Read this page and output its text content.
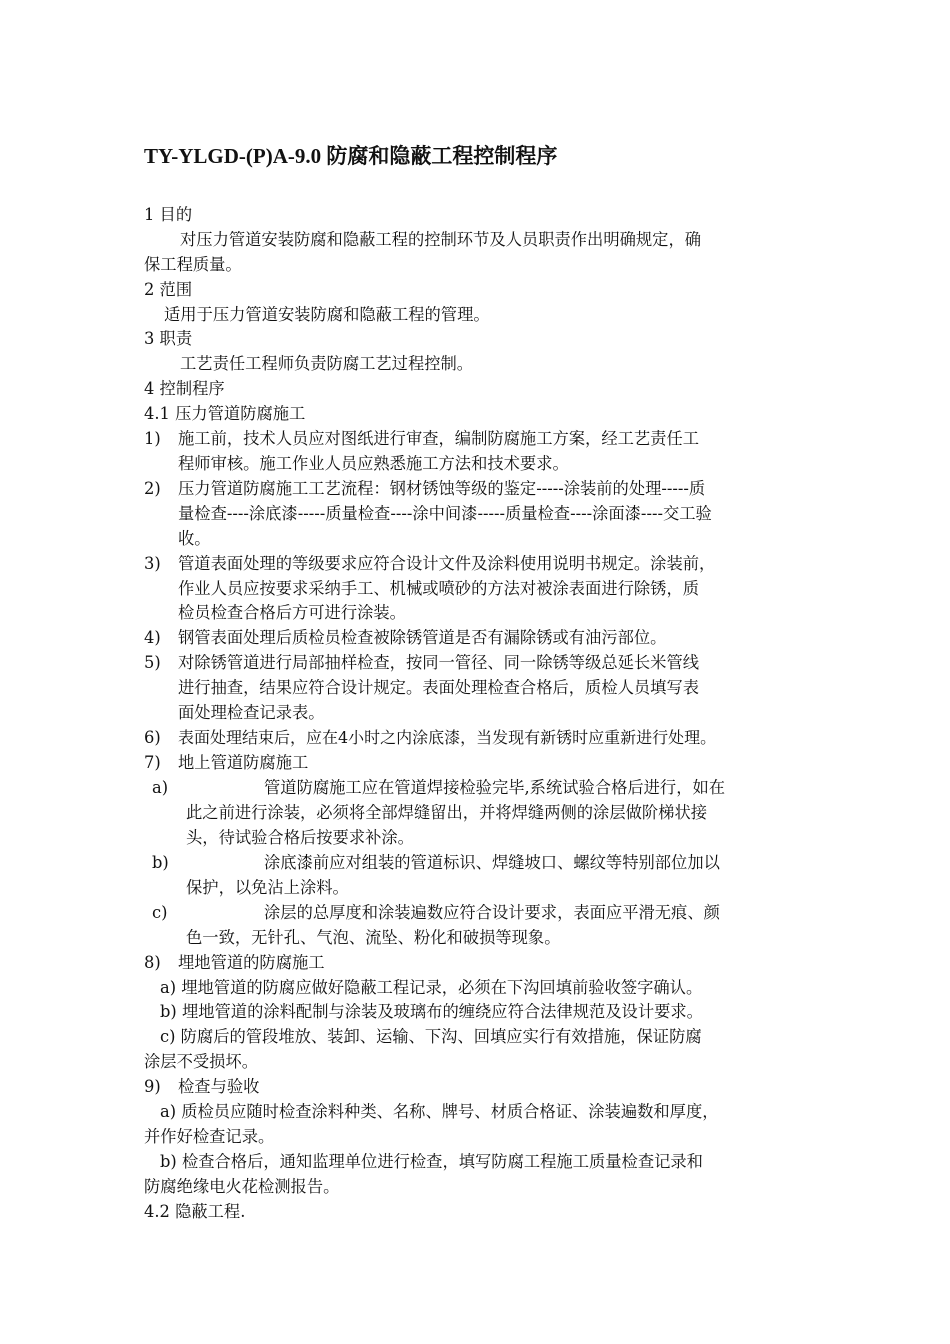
TY-YLGD-(P)A-9.0 防腐和隐蔽工程控制程序
1 目的
对压力管道安装防腐和隐蔽工程的控制环节及人员职责作出明确规定，确
保工程质量。
2 范围
适用于压力管道安装防腐和隐蔽工程的管理。
3 职责
工艺责任工程师负责防腐工艺过程控制。
4 控制程序
4.1 压力管道防腐施工
1) 施工前，技术人员应对图纸进行审查，编制防腐施工方案，经工艺责任工
程师审核。施工作业人员应熟悉施工方法和技术要求。
2) 压力管道防腐施工工艺流程：钢材锈蚀等级的鉴定-----涂装前的处理-----质
量检查----涂底漆-----质量检查----涂中间漆-----质量检查----涂面漆----交工验
收。
3) 管道表面处理的等级要求应符合设计文件及涂料使用说明书规定。涂装前，
作业人员应按要求采纳手工、机械或喷砂的方法对被涂表面进行除锈，质
检员检查合格后方可进行涂装。
4) 钢管表面处理后质检员检查被除锈管道是否有漏除锈或有油污部位。
5) 对除锈管道进行局部抽样检查，按同一管径、同一除锈等级总延长米管线
进行抽查，结果应符合设计规定。表面处理检查合格后，质检人员填写表
面处理检查记录表。
6) 表面处理结束后，应在4小时之内涂底漆，当发现有新锈时应重新进行处理。
7) 地上管道防腐施工
a)	管道防腐施工应在管道焊接检验完毕,系统试验合格后进行，如在
此之前进行涂装，必须将全部焊缝留出，并将焊缝两侧的涂层做阶梯状接
头，待试验合格后按要求补涂。
b)	涂底漆前应对组装的管道标识、焊缝坡口、螺纹等特别部位加以
保护，以免沾上涂料。
c)	涂层的总厚度和涂装遍数应符合设计要求，表面应平滑无痕、颜
色一致，无针孔、气泡、流坠、粉化和破损等现象。
8) 埋地管道的防腐施工
a) 埋地管道的防腐应做好隐蔽工程记录，必须在下沟回填前验收签字确认。
b) 埋地管道的涂料配制与涂装及玻璃布的缠绕应符合法律规范及设计要求。
c) 防腐后的管段堆放、装卸、运输、下沟、回填应实行有效措施，保证防腐
涂层不受损坏。
9) 检查与验收
a) 质检员应随时检查涂料种类、名称、牌号、材质合格证、涂装遍数和厚度，
并作好检查记录。
b) 检查合格后，通知监理单位进行检查，填写防腐工程施工质量检查记录和
防腐绝缘电火花检测报告。
4.2 隐蔽工程.
